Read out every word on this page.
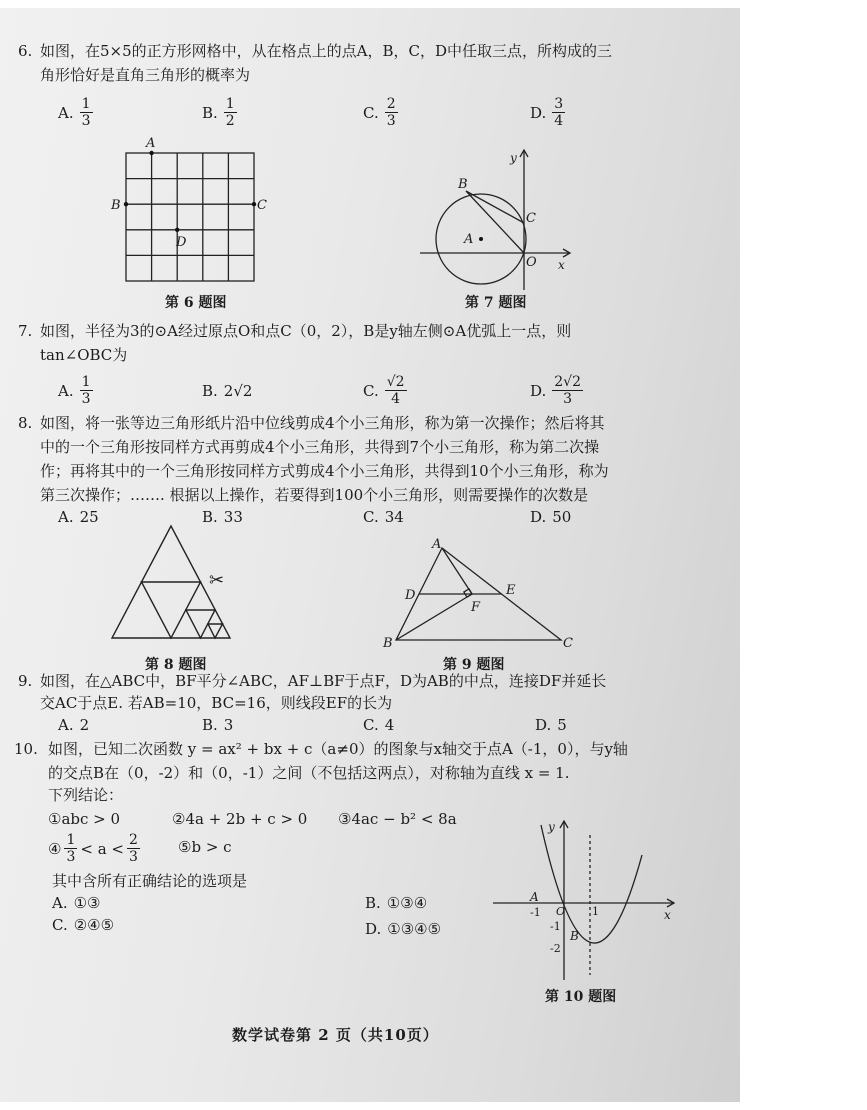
6. 如图，在5×5的正方形网格中，从在格点上的点A，B，C，D中任取三点，所构成的三
角形恰好是直角三角形的概率为
A. $\frac{1}{3}$	B. $\frac{1}{2}$	C. $\frac{2}{3}$	D. $\frac{3}{4}$
A
B	C
D
第 6 题图
B
C
A
O x
y
第 7 题图
7. 如图，半径为3的⊙A经过原点O和点C（0，2），B是y轴左侧⊙A优弧上一点，则
tan∠OBC为
A. $\frac{1}{3}$	B. 2√2	C. $\frac{√2}{4}$	D. $\frac{2√2}{3}$
8. 如图，将一张等边三角形纸片沿中位线剪成4个小三角形，称为第一次操作；然后将其
中的一个三角形按同样方式再剪成4个小三角形，共得到7个小三角形，称为第二次操
作；再将其中的一个三角形按同样方式剪成4个小三角形，共得到10个小三角形，称为
第三次操作；……. 根据以上操作，若要得到100个小三角形，则需要操作的次数是
A. 25	B. 33	C. 34	D. 50
✂
第 8 题图
A
D	E
F
B	C
第 9 题图
9. 如图，在△ABC中，BF平分∠ABC，AF⊥BF于点F，D为AB的中点，连接DF并延长
交AC于点E. 若AB=10，BC=16，则线段EF的长为
A. 2	B. 3	C. 4	D. 5
10. 如图，已知二次函数 y = ax² + bx + c（a≠0）的图象与x轴交于点A（-1，0），与y轴
的交点B在（0，-2）和（0，-1）之间（不包括这两点），对称轴为直线 x = 1.
下列结论：
①abc > 0	②4a + 2b + c > 0 ③4ac − b² < 8a
④ $\frac{1}{3} < a < \frac{2}{3}$	⑤b > c
其中含所有正确结论的选项是
A. ①③	B. ①③④
C. ②④⑤	D. ①③④⑤
y
x
A
-1 O 1
-1
B
-2
第 10 题图
数学试卷第 2 页（共10页）
